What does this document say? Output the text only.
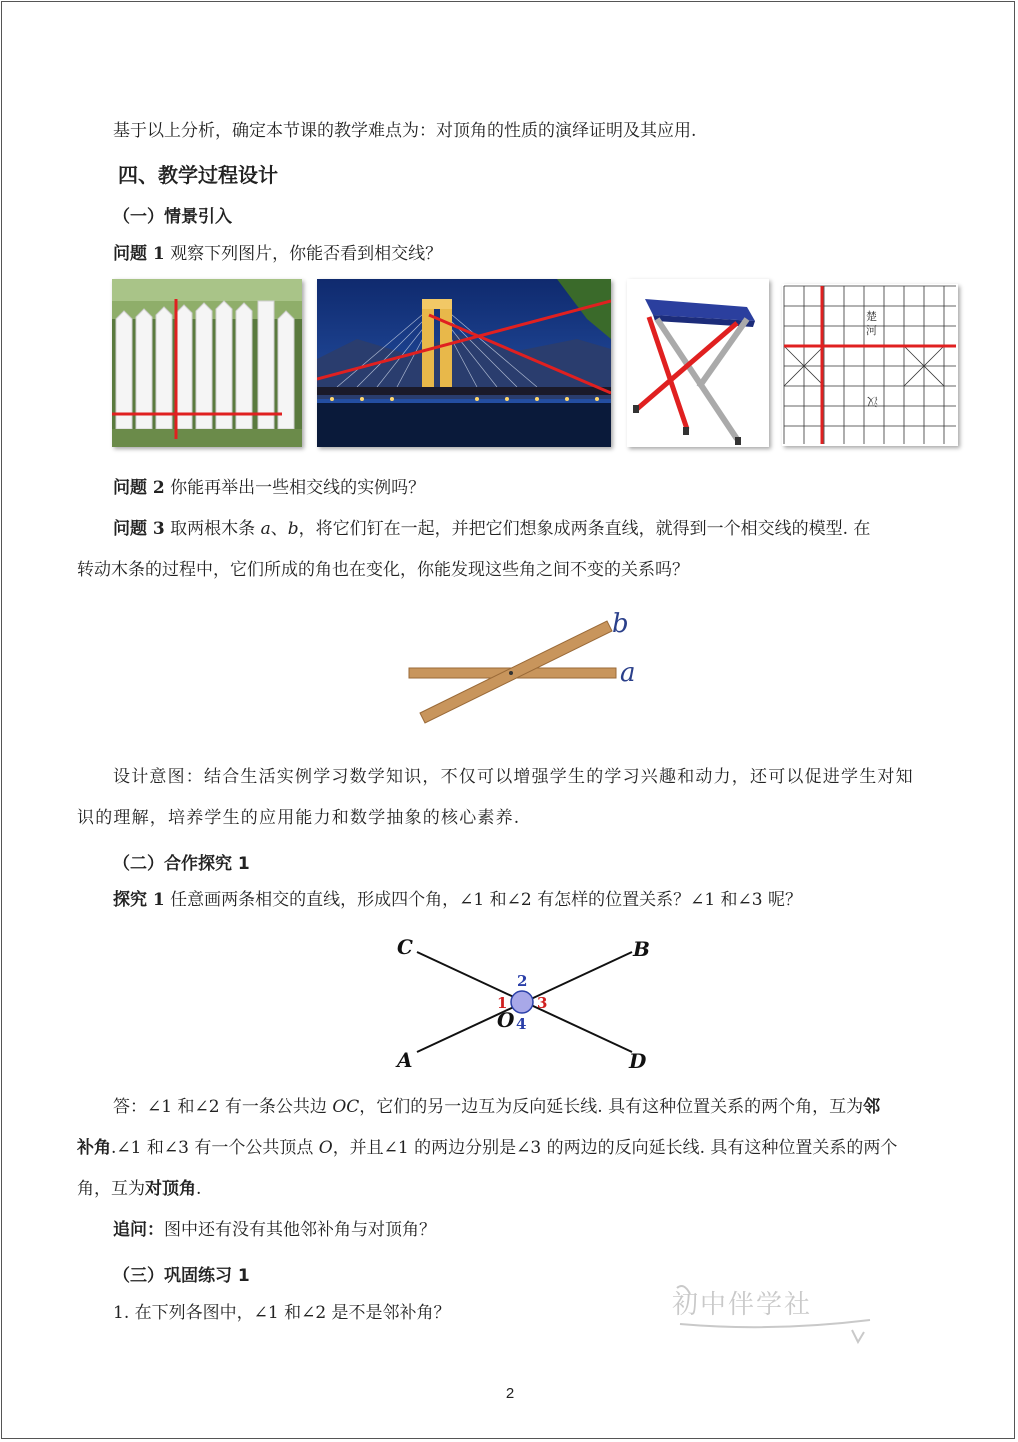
基于以上分析，确定本节课的教学难点为：对顶角的性质的演绎证明及其应用.
四、教学过程设计
（一）情景引入
问题 1 观察下列图片，你能否看到相交线？
楚
河
汉
问题 2 你能再举出一些相交线的实例吗？
问题 3 取两根木条 a、b，将它们钉在一起，并把它们想象成两条直线，就得到一个相交线的模型. 在
转动木条的过程中，它们所成的角也在变化，你能发现这些角之间不变的关系吗？
b
a
设计意图：结合生活实例学习数学知识，不仅可以增强学生的学习兴趣和动力，还可以促进学生对知
识的理解，培养学生的应用能力和数学抽象的核心素养.
（二）合作探究 1
探究 1 任意画两条相交的直线，形成四个角，∠1 和∠2 有怎样的位置关系？∠1 和∠3 呢？
C	B
A	D
O
2
1 3
4
答：∠1 和∠2 有一条公共边 OC，它们的另一边互为反向延长线. 具有这种位置关系的两个角，互为邻
补角.∠1 和∠3 有一个公共顶点 O，并且∠1 的两边分别是∠3 的两边的反向延长线. 具有这种位置关系的两个
角，互为对顶角.
追问：图中还有没有其他邻补角与对顶角？
（三）巩固练习 1
1. 在下列各图中，∠1 和∠2 是不是邻补角？	初中伴学社
2
